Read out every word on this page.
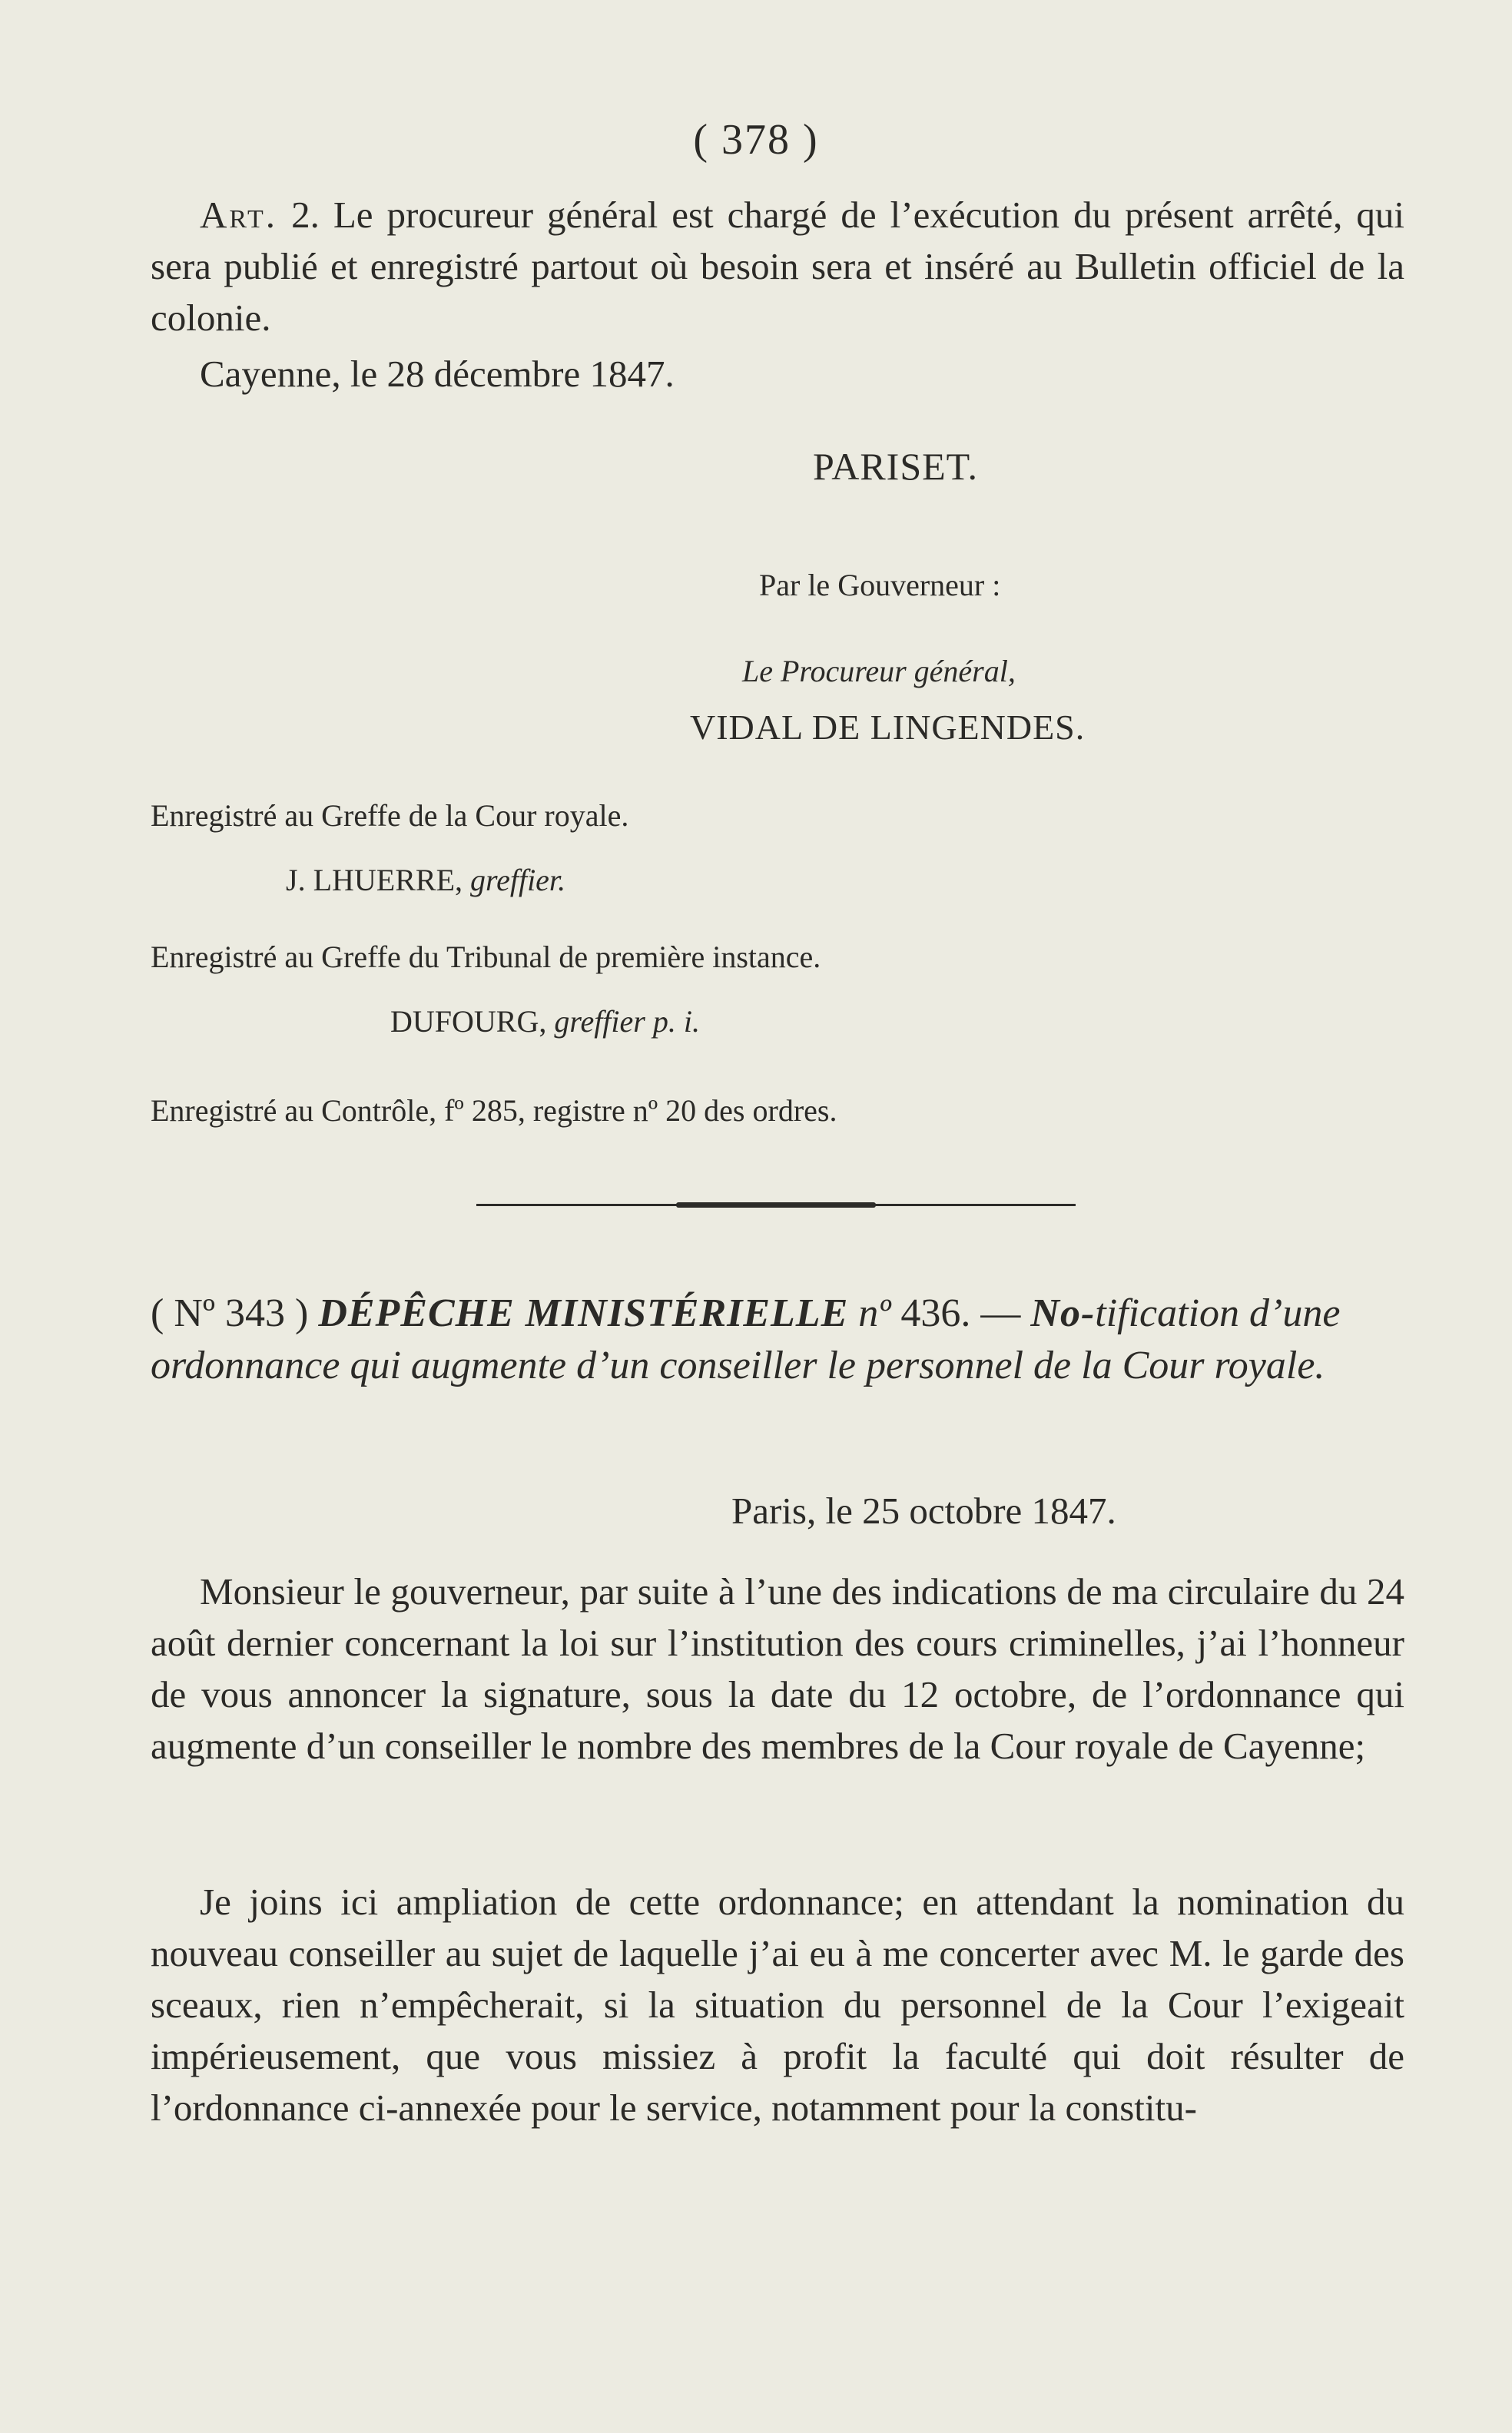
( 378 )
Art. 2. Le procureur général est chargé de l’exécution du présent arrêté, qui sera publié et enregistré partout où besoin sera et inséré au Bulletin officiel de la colonie.
Cayenne, le 28 décembre 1847.
PARISET.
Par le Gouverneur :
Le Procureur général,
VIDAL DE LINGENDES.
Enregistré au Greffe de la Cour royale.
J. LHUERRE, greffier.
Enregistré au Greffe du Tribunal de première instance.
DUFOURG, greffier p. i.
Enregistré au Contrôle, fº 285, registre nº 20 des ordres.
( Nº 343 ) DÉPÊCHE MINISTÉRIELLE nº 436. — No-tification d’une ordonnance qui augmente d’un conseiller le personnel de la Cour royale.
Paris, le 25 octobre 1847.
Monsieur le gouverneur, par suite à l’une des indications de ma circulaire du 24 août dernier concernant la loi sur l’institution des cours criminelles, j’ai l’honneur de vous annoncer la signature, sous la date du 12 octobre, de l’ordonnance qui augmente d’un conseiller le nombre des membres de la Cour royale de Cayenne;
Je joins ici ampliation de cette ordonnance; en attendant la nomination du nouveau conseiller au sujet de laquelle j’ai eu à me concerter avec M. le garde des sceaux, rien n’empêcherait, si la situation du personnel de la Cour l’exigeait impérieusement, que vous missiez à profit la faculté qui doit résulter de l’ordonnance ci-annexée pour le service, notamment pour la constitu-
